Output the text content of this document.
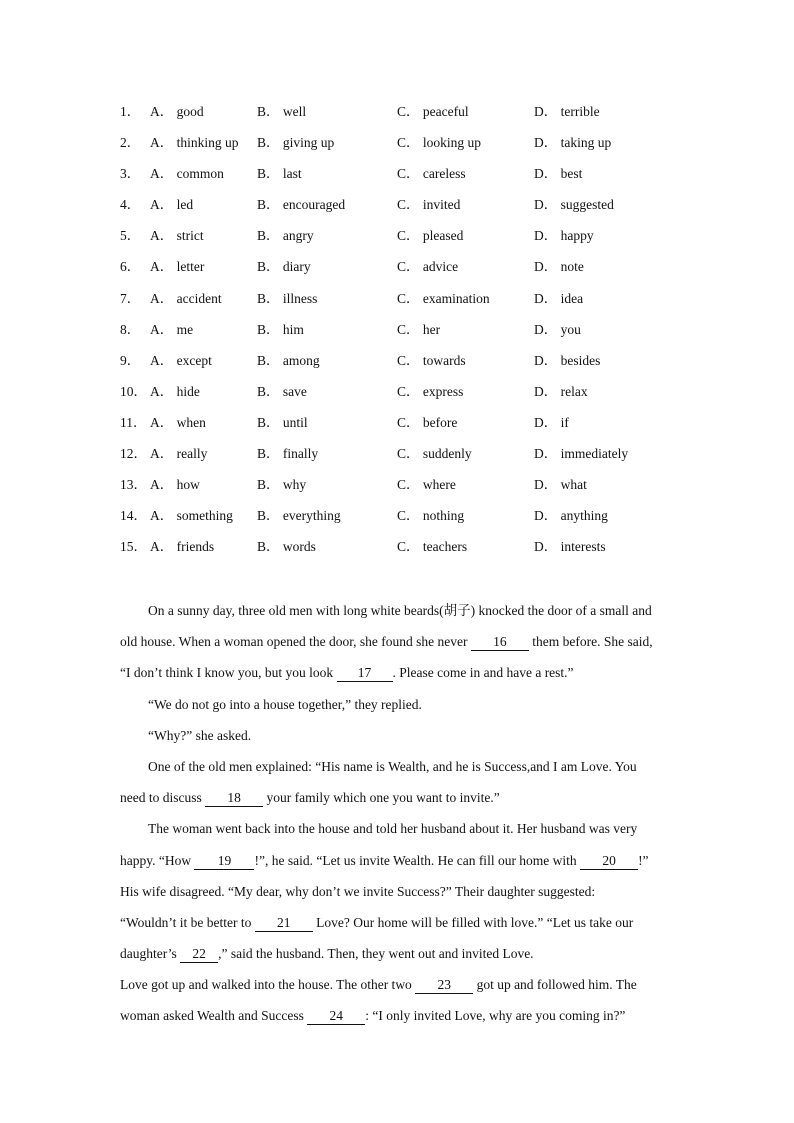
1． A． good	B． well	C． peaceful	D． terrible
2． A． thinking up B． giving up	C． looking up	D． taking up
3． A． common B． last	C． careless	D． best
4． A． led	B． encouraged	C． invited	D． suggested
5． A． strict	B． angry	C． pleased	D． happy
6． A． letter	B． diary	C． advice	D． note
7． A． accident	B． illness	C． examination	D． idea
8． A． me	B． him	C． her	D． you
9． A． except	B． among	C． towards	D． besides
10． A． hide	B． save	C． express	D． relax
11． A． when	B． until	C． before	D． if
12． A． really	B． finally	C． suddenly	D． immediately
13． A． how	B． why	C． where	D． what
14． A． something B． everything	C． nothing	D． anything
15． A． friends	B． words	C． teachers	D． interests
On a sunny day, three old men with long white beards(胡子) knocked the door of a small and
old house. When a woman opened the door, she found she never 16 them before. She said,
“I don’t think I know you, but you look 17 . Please come in and have a rest.”
“We do not go into a house together,” they replied.
“Why?” she asked.
One of the old men explained: “His name is Wealth, and he is Success,and I am Love. You
need to discuss 18 your family which one you want to invite.”
The woman went back into the house and told her husband about it. Her husband was very
happy. “How 19 !”, he said. “Let us invite Wealth. He can fill our home with 20 !”
His wife disagreed. “My dear, why don’t we invite Success?” Their daughter suggested:
“Wouldn’t it be better to 21 Love? Our home will be filled with love.” “Let us take our
daughter’s 22 ,” said the husband. Then, they went out and invited Love.
Love got up and walked into the house. The other two 23 got up and followed him. The
woman asked Wealth and Success 24 : “I only invited Love, why are you coming in?”
